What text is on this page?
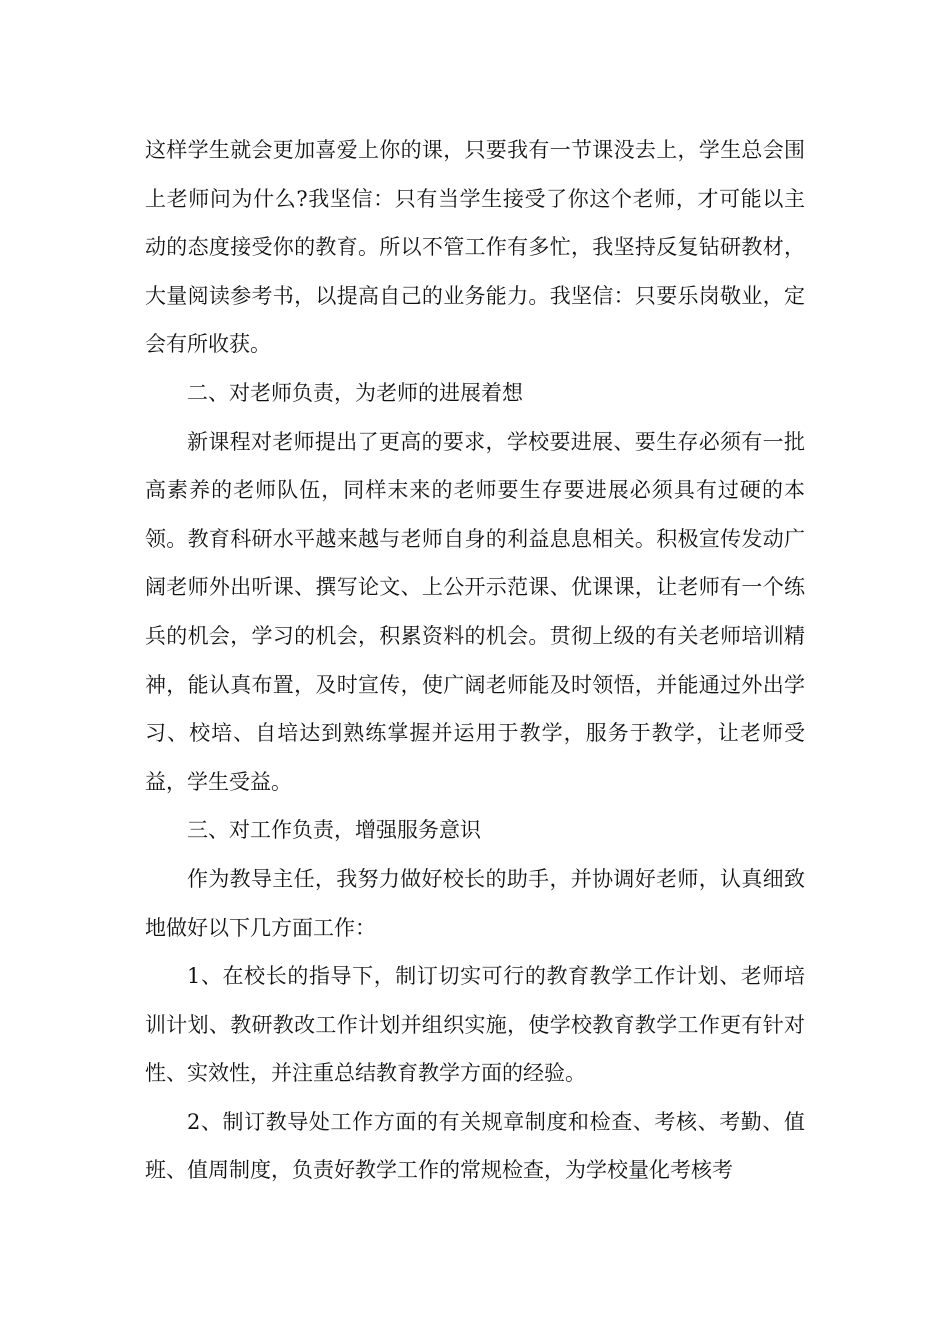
这样学生就会更加喜爱上你的课，只要我有一节课没去上，学生总会围上老师问为什么?我坚信：只有当学生接受了你这个老师，才可能以主动的态度接受你的教育。所以不管工作有多忙，我坚持反复钻研教材，大量阅读参考书，以提高自己的业务能力。我坚信：只要乐岗敬业，定会有所收获。

二、对老师负责，为老师的进展着想

新课程对老师提出了更高的要求，学校要进展、要生存必须有一批高素养的老师队伍，同样末来的老师要生存要进展必须具有过硬的本领。教育科研水平越来越与老师自身的利益息息相关。积极宣传发动广阔老师外出听课、撰写论文、上公开示范课、优课课，让老师有一个练兵的机会，学习的机会，积累资料的机会。贯彻上级的有关老师培训精神，能认真布置，及时宣传，使广阔老师能及时领悟，并能通过外出学习、校培、自培达到熟练掌握并运用于教学，服务于教学，让老师受益，学生受益。

三、对工作负责，增强服务意识

作为教导主任，我努力做好校长的助手，并协调好老师，认真细致地做好以下几方面工作：

1、在校长的指导下，制订切实可行的教育教学工作计划、老师培训计划、教研教改工作计划并组织实施，使学校教育教学工作更有针对性、实效性，并注重总结教育教学方面的经验。

2、制订教导处工作方面的有关规章制度和检查、考核、考勤、值班、值周制度，负责好教学工作的常规检查，为学校量化考核考
